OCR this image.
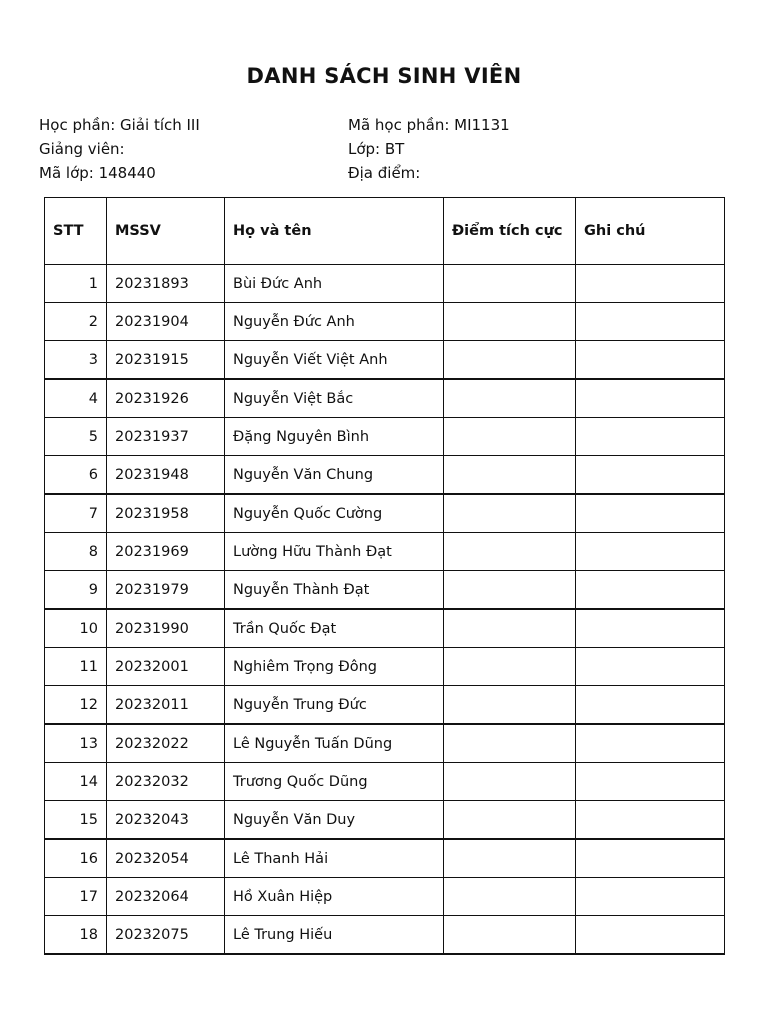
DANH SÁCH SINH VIÊN
Học phần: Giải tích III
Giảng viên:
Mã lớp: 148440
Mã học phần: MI1131
Lớp: BT
Địa điểm:
STT	MSSV	Họ và tên	Điểm tích cực	Ghi chú
1	20231893	Bùi Đức Anh		
2	20231904	Nguyễn Đức Anh		
3	20231915	Nguyễn Viết Việt Anh		
4	20231926	Nguyễn Việt Bắc		
5	20231937	Đặng Nguyên Bình		
6	20231948	Nguyễn Văn Chung		
7	20231958	Nguyễn Quốc Cường		
8	20231969	Lường Hữu Thành Đạt		
9	20231979	Nguyễn Thành Đạt		
10	20231990	Trần Quốc Đạt		
11	20232001	Nghiêm Trọng Đông		
12	20232011	Nguyễn Trung Đức		
13	20232022	Lê Nguyễn Tuấn Dũng		
14	20232032	Trương Quốc Dũng		
15	20232043	Nguyễn Văn Duy		
16	20232054	Lê Thanh Hải		
17	20232064	Hồ Xuân Hiệp		
18	20232075	Lê Trung Hiếu		
